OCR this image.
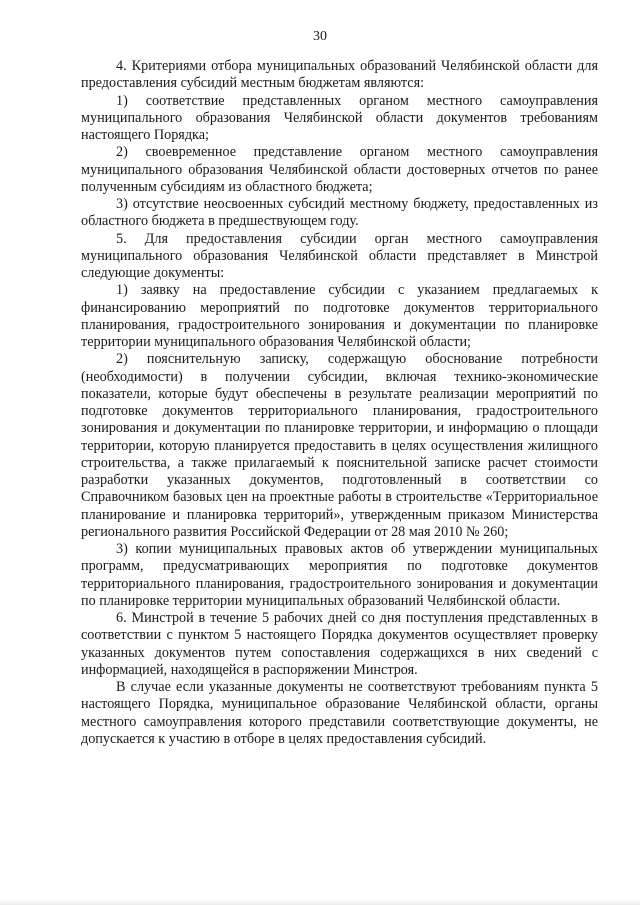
30

4. Критериями отбора муниципальных образований Челябинской области для предоставления субсидий местным бюджетам являются:

1) соответствие представленных органом местного самоуправления муниципального образования Челябинской области документов требованиям настоящего Порядка;

2) своевременное представление органом местного самоуправления муниципального образования Челябинской области достоверных отчетов по ранее полученным субсидиям из областного бюджета;

3) отсутствие неосвоенных субсидий местному бюджету, предоставленных из областного бюджета в предшествующем году.

5. Для предоставления субсидии орган местного самоуправления муниципального образования Челябинской области представляет в Минстрой следующие документы:

1) заявку на предоставление субсидии с указанием предлагаемых к финансированию мероприятий по подготовке документов территориального планирования, градостроительного зонирования и документации по планировке территории муниципального образования Челябинской области;

2) пояснительную записку, содержащую обоснование потребности (необходимости) в получении субсидии, включая технико-экономические показатели, которые будут обеспечены в результате реализации мероприятий по подготовке документов территориального планирования, градостроительного зонирования и документации по планировке территории, и информацию о площади территории, которую планируется предоставить в целях осуществления жилищного строительства, а также прилагаемый к пояснительной записке расчет стоимости разработки указанных документов, подготовленный в соответствии со Справочником базовых цен на проектные работы в строительстве «Территориальное планирование и планировка территорий», утвержденным приказом Министерства регионального развития Российской Федерации от 28 мая 2010 № 260;

3) копии муниципальных правовых актов об утверждении муниципальных программ, предусматривающих мероприятия по подготовке документов территориального планирования, градостроительного зонирования и документации по планировке территории муниципальных образований Челябинской области.

6. Минстрой в течение 5 рабочих дней со дня поступления представленных в соответствии с пунктом 5 настоящего Порядка документов осуществляет проверку указанных документов путем сопоставления содержащихся в них сведений с информацией, находящейся в распоряжении Минстроя.

В случае если указанные документы не соответствуют требованиям пункта 5 настоящего Порядка, муниципальное образование Челябинской области, органы местного самоуправления которого представили соответствующие документы, не допускается к участию в отборе в целях предоставления субсидий.
